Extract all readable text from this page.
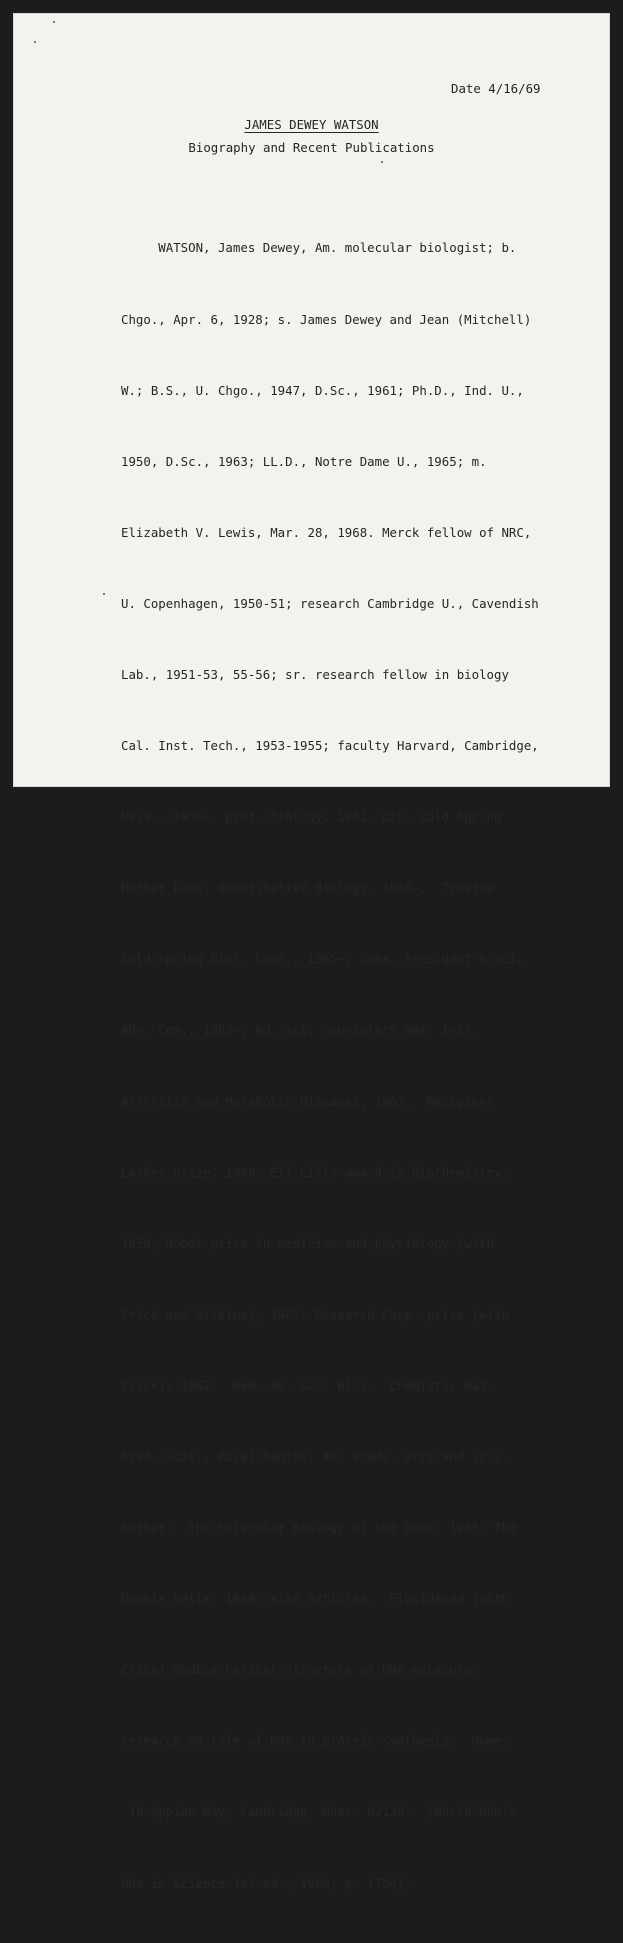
Date 4/16/69
JAMES DEWEY WATSON
Biography and Recent Publications

WATSON, James Dewey, Am. molecular biologist; b.

Chgo., Apr. 6, 1928; s. James Dewey and Jean (Mitchell)

W.; B.S., U. Chgo., 1947, D.Sc., 1961; Ph.D., Ind. U.,

1950, D.Sc., 1963; LL.D., Notre Dame U., 1965; m.

Elizabeth V. Lewis, Mar. 28, 1968. Merck fellow of NRC,

U. Copenhagen, 1950-51; research Cambridge U., Cavendish

Lab., 1951-53, 55-56; sr. research fellow in biology

Cal. Inst. Tech., 1953-1955; faculty Harvard, Cambridge,

Mass., 1956—, prof. biology, 1961, dir. Cold Spring

Harbor Labs. Quantitative Biology, 1968—.  Trustee

Cold Spring Biol. Labs., 1965—; cons. President's Sci.

Adv. Com., 1962—; bd. sci. counselors Nat. Inst.

Arthritis and Metabolic Diseases, 1967.  Recipient

Lasker prize, 1960, Eli Lilly award in biochemistry,

1959, Nobel prize in medicine and physiology (with

Crick and Wilkins), 1962, Research Corp. prize (with

Crick), 1962.  Mem. Am. Soc. Biol.  Chemists, Nat.

Acad. Scis., Royal Danish, Am. acads. arts and scis.

Author:  The Molecular Biology of the Gene, 1965; The

Double Helix, 1968; also articles.  Elucidated (with

Crick) double-helical structure of DNA molecule;

research on role of RNA in protein synthesis.  Home:

10 Appian Way, Cambridge, Mass. 02138.  (World Who's

Who in Science 1st ed., 1968, p. 1764).
